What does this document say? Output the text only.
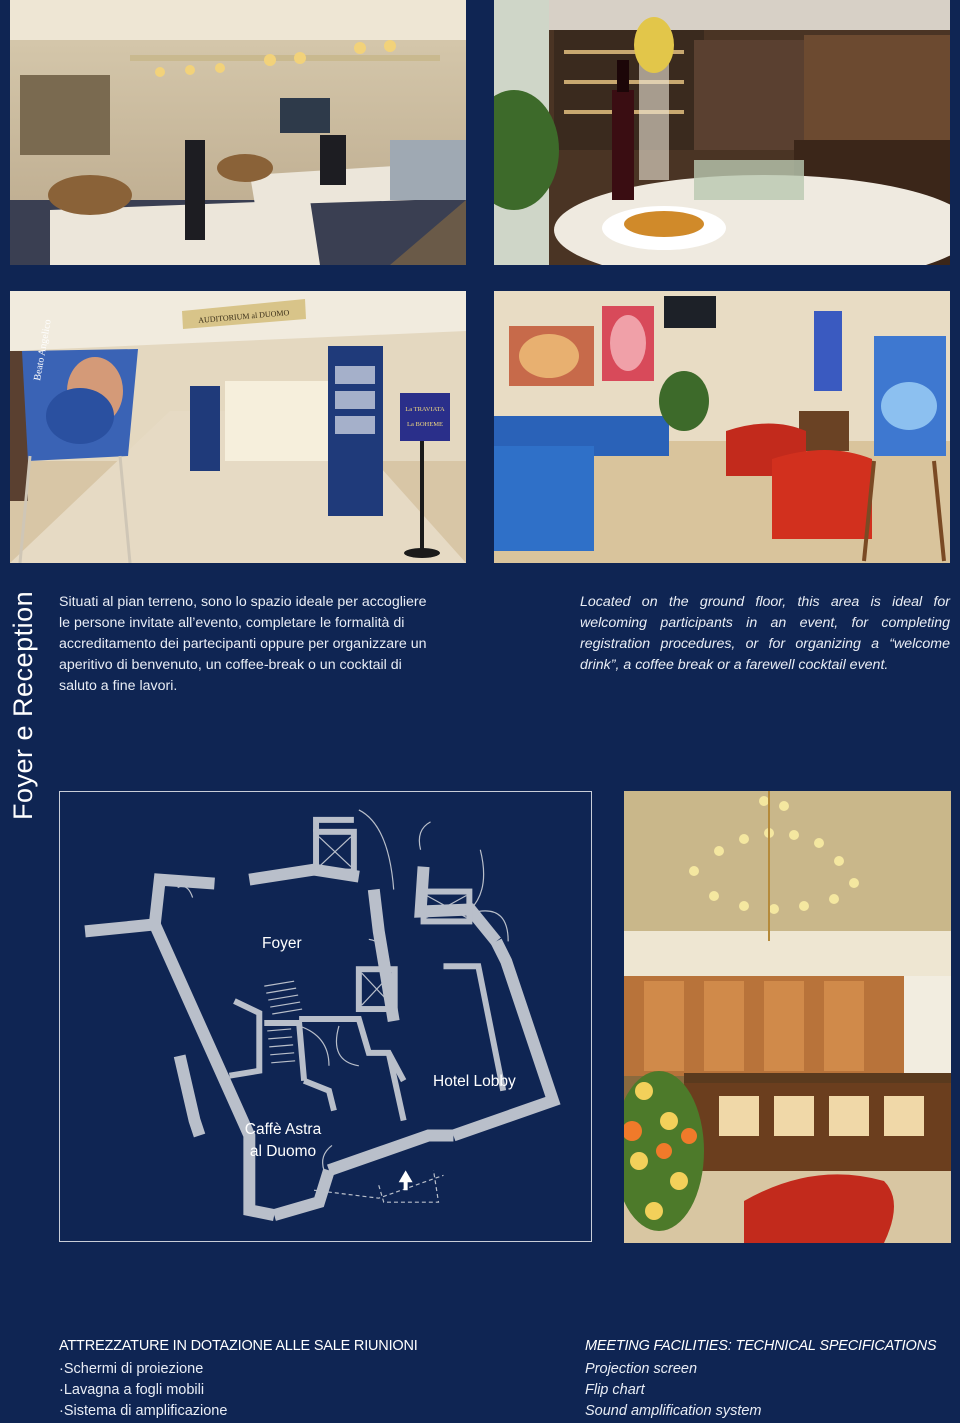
AUDITORIUM al DUOMO
Beato Angelico
La TRAVIATA
La BOHEME
Foyer e Reception Situati al pian terreno, sono lo spazio ideale per accogliere le persone invitate all’evento, completare le formalità di accreditamento dei partecipanti oppure per organizzare un aperitivo di benvenuto, un coffee-break o un cocktail di saluto a fine lavori.

Located on the ground floor, this area is ideal for welcoming participants in an event, for completing registration procedures, or for organizing a “welcome drink”, a coffee break or a farewell cocktail event.

Foyer
Hotel Lobby
Caffè Astra
al Duomo
ATTREZZATURE IN DOTAZIONE ALLE SALE RIUNIONI
·Schermi di proiezione
·Lavagna a fogli mobili
·Sistema di amplificazione
MEETING FACILITIES: TECHNICAL SPECIFICATIONS
Projection screen
Flip chart
Sound amplification system
